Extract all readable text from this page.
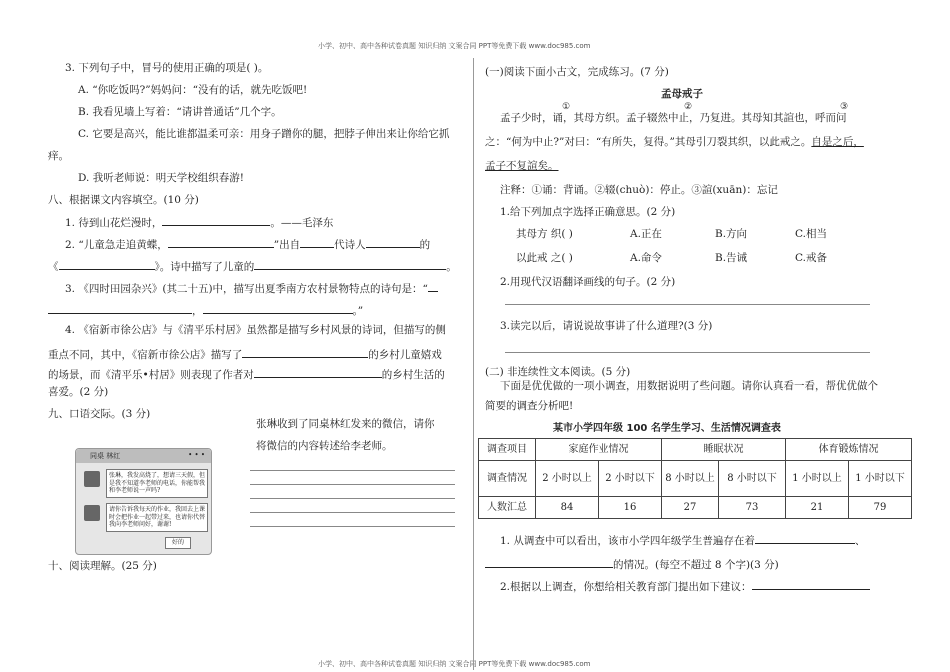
小学、初中、高中各种试卷真题 知识归纳 文案合同 PPT等免费下载 www.doc985.com
小学、初中、高中各种试卷真题 知识归纳 文案合同 PPT等免费下载 www.doc985.com
3. 下列句子中，冒号的使用正确的项是( )。
A. “你吃饭吗?”妈妈问：“没有的话，就先吃饭吧!
B. 我看见墙上写着：“请讲普通话”几个字。
C. 它要是高兴，能比谁都温柔可亲：用身子蹭你的腿，把脖子伸出来让你给它抓
痒。
D. 我听老师说：明天学校组织春游!
八、根据课文内容填空。(10 分)
1. 待到山花烂漫时，	。——毛泽东
2. “儿童急走追黄蝶，	”出自	代诗人	的
《	》。诗中描写了儿童的	。
3. 《四时田园杂兴》(其二十五)中，描写出夏季南方农村景物特点的诗句是：“
，	。”
4. 《宿新市徐公店》与《清平乐村居》虽然都是描写乡村风景的诗词，但描写的侧
重点不同，其中，《宿新市徐公店》描写了	的乡村儿童嬉戏
的场景，而《清平乐•村居》则表现了作者对	的乡村生活的
喜爱。(2 分)
九、口语交际。(3 分)
张琳收到了同桌林红发来的微信，请你
将微信的内容转述给李老师。
同桌 林红	• • •
张琳，我发高烧了，想请三天假，但是我不知道李老师的电话，你能帮我和李老师说一声吗?
请你告诉我每天的作业，我回去上课时会把作业一起带过来，也请你代替我向李老师问好，谢谢!
好的
十、阅读理解。(25 分)
(一)阅读下面小古文，完成练习。(7 分)
孟母戒子
①	②	③
孟子少时，诵，其母方织。孟子辍然中止，乃复进。其母知其諠也，呼而问
之：“何为中止?”对曰：“有所失，复得。”其母引刀裂其织，以此戒之。自是之后，
孟子不复諠矣。
注释：①诵：背诵。②辍(chuò)：停止。③諠(xuān)：忘记
1.给下列加点字选择正确意思。(2 分)
其母方 织( )	A.正在	B.方向	C.相当
以此戒 之( )	A.命令	B.告诫	C.戒备
2.用现代汉语翻译画线的句子。(2 分)
3.读完以后，请说说故事讲了什么道理?(3 分)
(二) 非连续性文本阅读。(5 分)
下面是优优做的一项小调查，用数据说明了些问题。请你认真看一看，帮优优做个
简要的调查分析吧!
某市小学四年级 100 名学生学习、生活情况调查表
调查项目	家庭作业情况		睡眠状况		体育锻炼情况	
调查情况	2 小时以上	2 小时以下	8 小时以上	8 小时以下	1 小时以上	1 小时以下
人数汇总	84	16	27	73	21	79
1. 从调查中可以看出，该市小学四年级学生普遍存在着	、
的情况。(每空不超过 8 个字)(3 分)
2.根据以上调查，你想给相关教育部门提出如下建议：
